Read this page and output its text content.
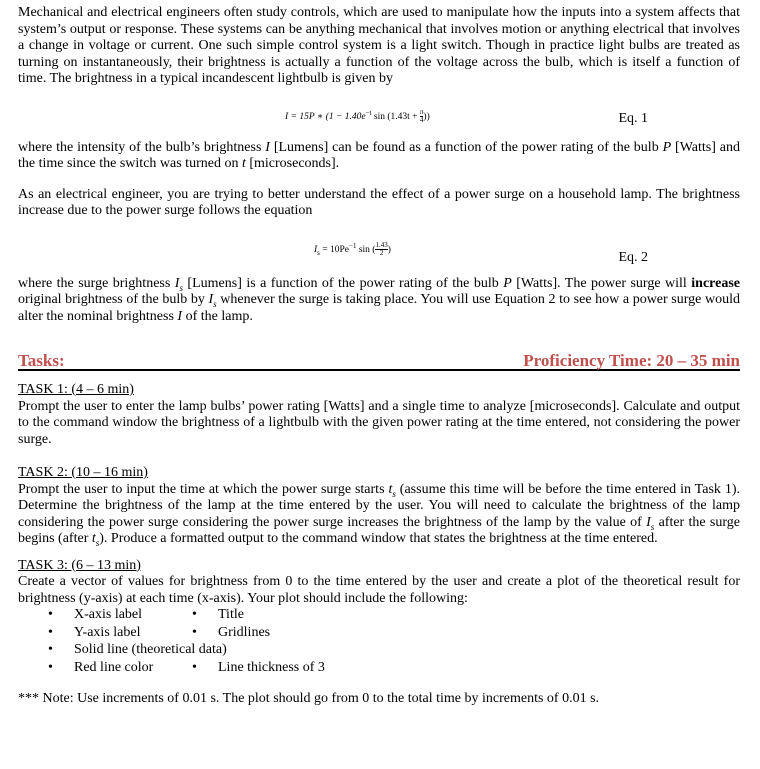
Mechanical and electrical engineers often study controls, which are used to manipulate how the inputs into a system affects that system’s output or response. These systems can be anything mechanical that involves motion or anything electrical that involves a change in voltage or current. One such simple control system is a light switch. Though in practice light bulbs are treated as turning on instantaneously, their brightness is actually a function of the voltage across the bulb, which is itself a function of time. The brightness in a typical incandescent lightbulb is given by

I = 15P ∗ ($1 - 1.40e^{-t}$ $\sin (1.43t + \frac{\pi}{4}$ ))	Eq. 1

where the intensity of the bulb’s brightness I [Lumens] can be found as a function of the power rating of the bulb P [Watts] and the time since the switch was turned on t [microseconds].

As an electrical engineer, you are trying to better understand the effect of a power surge on a household lamp. The brightness increase due to the power surge follows the equation

$I_s = 10Pe^{-1}$ sin ( $\frac{1.43}{2}$ )	Eq. 2

where the surge brightness $I_s$ [Lumens] is a function of the power rating of the bulb P [Watts]. The power surge will increase original brightness of the bulb by $I_s$ whenever the surge is taking place. You will use Equation 2 to see how a power surge would alter the nominal brightness I of the lamp.

Tasks:	Proficiency Time: 20 – 35 min
TASK 1: (4 – 6 min)

Prompt the user to enter the lamp bulbs’ power rating [Watts] and a single time to analyze [microseconds]. Calculate and output to the command window the brightness of a lightbulb with the given power rating at the time entered, not considering the power surge.

TASK 2: (10 – 16 min)

Prompt the user to input the time at which the power surge starts $t_s$ (assume this time will be before the time entered in Task 1). Determine the brightness of the lamp at the time entered by the user. You will need to calculate the brightness of the lamp considering the power surge considering the power surge increases the brightness of the lamp by the value of $I_s$ after the surge begins (after $t_s$). Produce a formatted output to the command window that states the brightness at the time entered.

TASK 3: (6 – 13 min)

Create a vector of values for brightness from 0 to the time entered by the user and create a plot of the theoretical result for brightness (y-axis) at each time (x-axis). Your plot should include the following:

• X-axis label	• Title
• Y-axis label	• Gridlines
• Solid line (theoretical data)
• Red line color	• Line thickness of 3

*** Note: Use increments of 0.01 s. The plot should go from 0 to the total time by increments of 0.01 s.
